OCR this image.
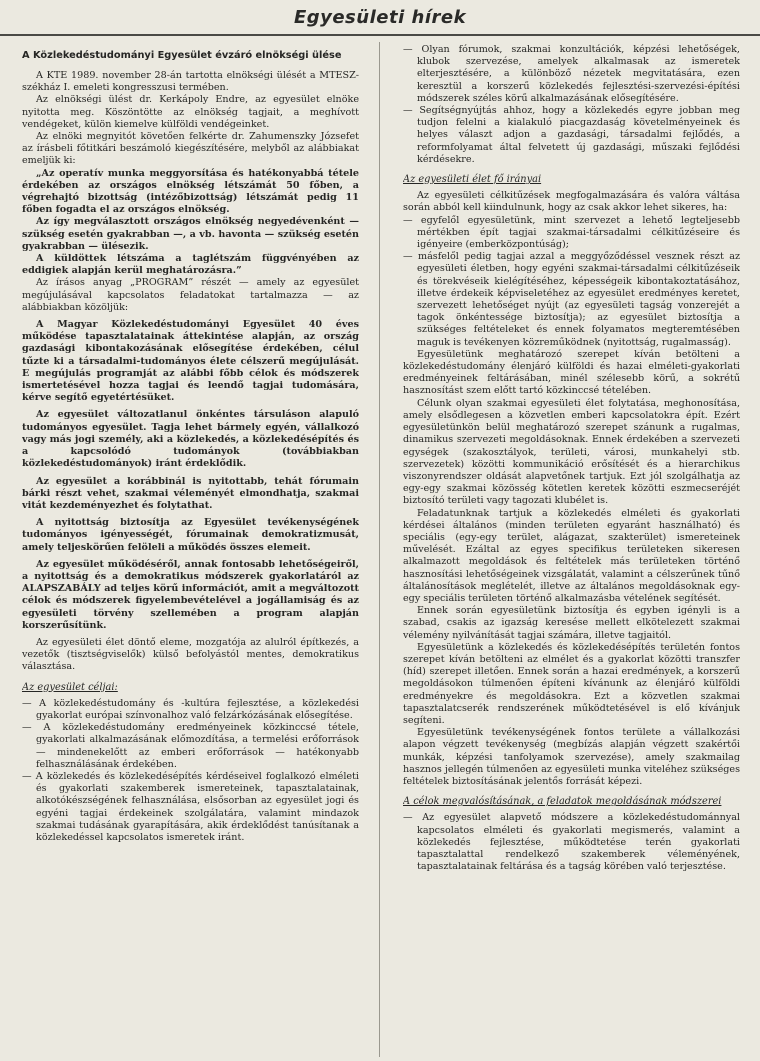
Egyesületi hírek
A Közlekedéstudományi Egyesület évzáró elnökségi ülése

A KTE 1989. november 28-án tartotta elnökségi ülését a MTESZ-székház I. emeleti kongresszusi termében.

Az elnökségi ülést dr. Kerkápoly Endre, az egyesület elnöke nyitotta meg. Köszöntötte az elnökség tagjait, a meghívott vendégeket, külön kiemelve külföldi vendégeinket.

Az elnöki megnyitót követően felkérte dr. Zahumenszky Józsefet az írásbeli főtitkári beszámoló kiegészítésére, melyből az alábbiakat emeljük ki:

„Az operatív munka meggyorsítása és hatékonyabbá tétele érdekében az országos elnökség létszámát 50 főben, a végrehajtó bizottság (intézőbizottság) létszámát pedig 11 főben fogadta el az országos elnökség.

Az így megválasztott országos elnökség negyedévenként — szükség esetén gyakrabban —, a vb. havonta — szükség esetén gyakrabban — ülésezik.

A küldöttek létszáma a taglétszám függvényében az eddigiek alapján kerül meghatározásra.”

Az írásos anyag „PROGRAM” részét — amely az egyesület megújulásával kapcsolatos feladatokat tartalmazza — az alábbiakban közöljük:

A Magyar Közlekedéstudományi Egyesület 40 éves működése tapasztalatainak áttekintése alapján, az ország gazdasági kibontakozásának elősegítése érdekében, célul tűzte ki a társadalmi-tudományos élete célszerű megújulását. E megújulás programját az alábbi főbb célok és módszerek ismertetésével hozza tagjai és leendő tagjai tudomására, kérve segítő egyetértésüket.

Az egyesület változatlanul önkéntes társuláson alapuló tudományos egyesület. Tagja lehet bármely egyén, vállalkozó vagy más jogi személy, aki a közlekedés, a közlekedésépítés és a kapcsolódó tudományok (továbbiakban közlekedéstudományok) iránt érdeklődik.

Az egyesület a korábbinál is nyitottabb, tehát fórumain bárki részt vehet, szakmai véleményét elmondhatja, szakmai vitát kezdeményezhet és folytathat.

A nyitottság biztosítja az Egyesület tevékenységének tudományos igényességét, fórumainak demokratizmusát, amely teljeskörűen felöleli a működés összes elemeit.

Az egyesület működéséről, annak fontosabb lehetőségeiről, a nyitottság és a demokratikus módszerek gyakorlatáról az ALAPSZABÁLY ad teljes körű információt, amit a megváltozott célok és módszerek figyelembevételével a jogállamiság és az egyesületi törvény szellemében a program alapján korszerűsítünk.

Az egyesületi élet döntő eleme, mozgatója az alulról építkezés, a vezetők (tisztségviselők) külső befolyástól mentes, demokratikus választása.

Az egyesület céljai:
— A közlekedéstudomány és -kultúra fejlesztése, a közlekedési gyakorlat európai színvonalhoz való felzárkózásának elősegítése.
— A közlekedéstudomány eredményeinek közkinccsé tétele, gyakorlati alkalmazásának előmozdítása, a termelési erőforrások — mindenekelőtt az emberi erőforrások — hatékonyabb felhasználásának érdekében.
— A közlekedés és közlekedésépítés kérdéseivel foglalkozó elméleti és gyakorlati szakemberek ismereteinek, tapasztalatainak, alkotókészségének felhasználása, elsősorban az egyesület jogi és egyéni tagjai érdekeinek szolgálatára, valamint mindazok szakmai tudásának gyarapítására, akik érdeklődést tanúsítanak a közlekedéssel kapcsolatos ismeretek iránt.
— Olyan fórumok, szakmai konzultációk, képzési lehetőségek, klubok szervezése, amelyek alkalmasak az ismeretek elterjesztésére, a különböző nézetek megvitatására, ezen keresztül a korszerű közlekedés fejlesztési-szervezési-építési módszerek széles körű alkalmazásának elősegítésére.
— Segítségnyújtás ahhoz, hogy a közlekedés egyre jobban meg tudjon felelni a kialakuló piacgazdaság követelményeinek és helyes választ adjon a gazdasági, társadalmi fejlődés, a reformfolyamat által felvetett új gazdasági, műszaki fejlődési kérdésekre.
Az egyesületi élet fő irányai

Az egyesületi célkitűzések megfogalmazására és valóra váltása során abból kell kiindulnunk, hogy az csak akkor lehet sikeres, ha:

— egyfelől egyesületünk, mint szervezet a lehető legteljesebb mértékben épít tagjai szakmai-társadalmi célkitűzéseire és igényeire (emberközpontúság);
— másfelől pedig tagjai azzal a meggyőződéssel vesznek részt az egyesületi életben, hogy egyéni szakmai-társadalmi célkitűzéseik és törekvéseik kielégítéséhez, képességeik kibontakoztatásához, illetve érdekeik képviseletéhez az egyesület eredményes keretet, szervezett lehetőséget nyújt (az egyesületi tagság vonzerejét a tagok önkéntessége biztosítja); az egyesület biztosítja a szükséges feltételeket és ennek folyamatos megteremtésében maguk is tevékenyen közreműködnek (nyitottság, rugalmasság).

Egyesületünk meghatározó szerepet kíván betölteni a közlekedéstudomány élenjáró külföldi és hazai elméleti-gyakorlati eredményeinek feltárásában, minél szélesebb körű, a sokrétű hasznosítást szem előtt tartó közkinccsé tételében.

Célunk olyan szakmai egyesületi élet folytatása, meghonosítása, amely elsődlegesen a közvetlen emberi kapcsolatokra épít. Ezért egyesületünkön belül meghatározó szerepet szánunk a rugalmas, dinamikus szervezeti megoldásoknak. Ennek érdekében a szervezeti egységek (szakosztályok, területi, városi, munkahelyi stb. szervezetek) közötti kommunikáció erősítését és a hierarchikus viszonyrendszer oldását alapvetőnek tartjuk. Ezt jól szolgálhatja az egy-egy szakmai közösség kötetlen keretek közötti eszmecseréjét biztosító területi vagy tagozati klubélet is.

Feladatunknak tartjuk a közlekedés elméleti és gyakorlati kérdései általános (minden területen egyaránt használható) és speciális (egy-egy terület, alágazat, szakterület) ismereteinek művelését. Ezáltal az egyes specifikus területeken sikeresen alkalmazott megoldások és feltételek más területeken történő hasznosítási lehetőségeinek vizsgálatát, valamint a célszerűnek tűnő általánosítások meglételét, illetve az általános megoldásoknak egy-egy speciális területen történő alkalmazásba vételének segítését.

Ennek során egyesületünk biztosítja és egyben igényli is a szabad, csakis az igazság keresése mellett elkötelezett szakmai vélemény nyilvánítását tagjai számára, illetve tagjaitól.

Egyesületünk a közlekedés és közlekedésépítés területén fontos szerepet kíván betölteni az elmélet és a gyakorlat közötti transzfer (híd) szerepet illetően. Ennek során a hazai eredmények, a korszerű megoldásokon túlmenően építeni kívánunk az élenjáró külföldi eredményekre és megoldásokra. Ezt a közvetlen szakmai tapasztalatcserék rendszerének működtetésével is elő kívánjuk segíteni.

Egyesületünk tevékenységének fontos területe a vállalkozási alapon végzett tevékenység (megbízás alapján végzett szakértői munkák, képzési tanfolyamok szervezése), amely szakmailag hasznos jellegén túlmenően az egyesületi munka viteléhez szükséges feltételek biztosításának jelentős forrását képezi.

A célok megvalósításának, a feladatok megoldásának módszerei
— Az egyesület alapvető módszere a közlekedéstudománnyal kapcsolatos elméleti és gyakorlati megismerés, valamint a közlekedés fejlesztése, működtetése terén gyakorlati tapasztalattal rendelkező szakemberek véleményének, tapasztalatainak feltárása és a tagság körében való terjesztése.
